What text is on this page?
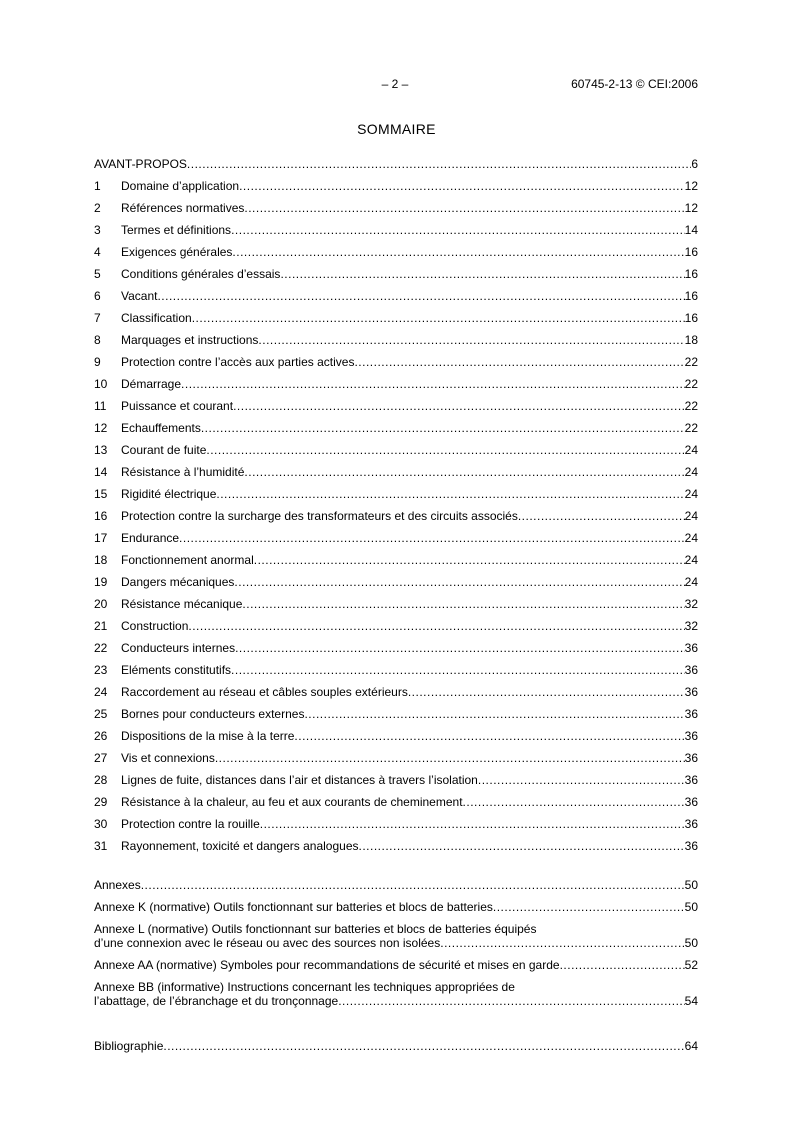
– 2 –	60745-2-13 © CEI:2006
SOMMAIRE
AVANT-PROPOS .....	6
1	Domaine d’application .....	12
2	Références normatives .....	12
3	Termes et définitions .....	14
4	Exigences générales .....	16
5	Conditions générales d’essais .....	16
6	Vacant .....	16
7	Classification .....	16
8	Marquages et instructions .....	18
9	Protection contre l’accès aux parties actives .....	22
10	Démarrage .....	22
11	Puissance et courant .....	22
12	Echauffements .....	22
13	Courant de fuite .....	24
14	Résistance à l’humidité .....	24
15	Rigidité électrique .....	24
16	Protection contre la surcharge des transformateurs et des circuits associés .....	24
17	Endurance .....	24
18	Fonctionnement anormal .....	24
19	Dangers mécaniques .....	24
20	Résistance mécanique .....	32
21	Construction .....	32
22	Conducteurs internes .....	36
23	Eléments constitutifs .....	36
24	Raccordement au réseau et câbles souples extérieurs .....	36
25	Bornes pour conducteurs externes .....	36
26	Dispositions de la mise à la terre .....	36
27	Vis et connexions .....	36
28	Lignes de fuite, distances dans l’air et distances à travers l’isolation .....	36
29	Résistance à la chaleur, au feu et aux courants de cheminement .....	36
30	Protection contre la rouille .....	36
31	Rayonnement, toxicité et dangers analogues .....	36
Annexes .....	50
Annexe K (normative) Outils fonctionnant sur batteries et blocs de batteries .....	50
Annexe L (normative) Outils fonctionnant sur batteries et blocs de batteries équipés
d’une connexion avec le réseau ou avec des sources non isolées .....	50
Annexe AA (normative) Symboles pour recommandations de sécurité et mises en garde .....	52
Annexe BB (informative) Instructions concernant les techniques appropriées de
l’abattage, de l’ébranchage et du tronçonnage .....	54
Bibliographie .....	64
